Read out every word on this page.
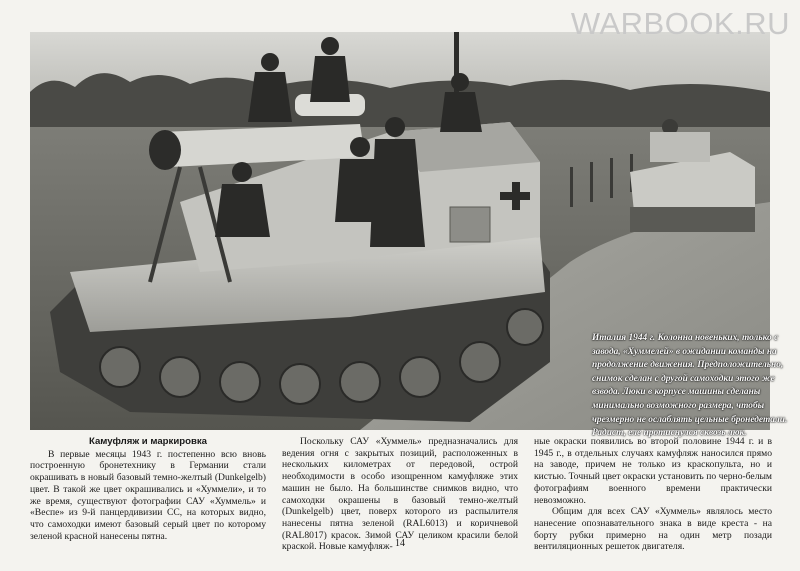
WARBOOK.RU
Италия 1944 г. Колонна новеньких, только с завода, «Хуммелей» в ожидании команды на продолжение движения. Предположительно, снимок сделан с другой самоходки этого же взвода. Люки в корпусе машины сделаны минимально возможного размера, чтобы чрезмерно не ослаблять цельные бронедетали. Радист, еле протиснулся сквозь люк.
Камуфляж и маркировка

В первые месяцы 1943 г. постепенно всю вновь построенную бронетехнику в Германии стали окрашивать в новый базовый темно-желтый (Dunkelgelb) цвет. В такой же цвет окрашивались и «Хуммели», и то же время, существуют фотографии САУ «Хуммель» и «Веспе» из 9-й панцердивизии СС, на которых видно, что самоходки имеют базовый серый цвет по которому зеленой красной нанесены пятна.

Поскольку САУ «Хуммель» предназначались для ведения огня с закрытых позиций, расположенных в нескольких километрах от передовой, острой необходимости в особо изощренном камуфляже этих машин не было. На большинстве снимков видно, что самоходки окрашены в базовый темно-желтый (Dunkelgelb) цвет, поверх которого из распылителя нанесены пятна зеленой (RAL6013) и коричневой (RAL8017) красок. Зимой САУ целиком красили белой краской. Новые камуфляж-

ные окраски появились во второй половине 1944 г. и в 1945 г., в отдельных случаях камуфляж наносился прямо на заводе, причем не только из краскопульта, но и кистью. Точный цвет окраски установить по черно-белым фотографиям военного времени практически невозможно.

Общим для всех САУ «Хуммель» являлось место нанесение опознавательного знака в виде креста - на борту рубки примерно на один метр позади вентиляционных решеток двигателя.

14
